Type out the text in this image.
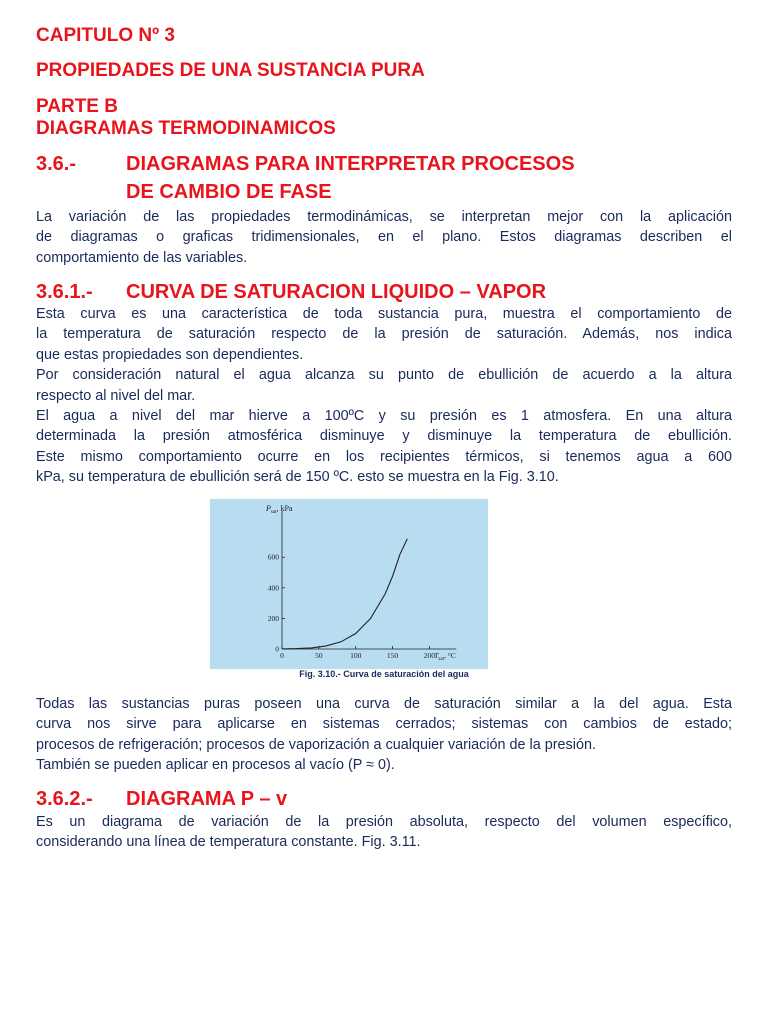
CAPITULO Nº 3
PROPIEDADES DE UNA SUSTANCIA PURA
PARTE B
DIAGRAMAS TERMODINAMICOS
3.6.- DIAGRAMAS PARA INTERPRETAR PROCESOS
DE CAMBIO DE FASE

La variación de las propiedades termodinámicas, se interpretan mejor con la aplicación

de diagramas o graficas tridimensionales, en el plano. Estos diagramas describen el

comportamiento de las variables.

3.6.1.- CURVA DE SATURACION LIQUIDO – VAPOR

Esta curva es una característica de toda sustancia pura, muestra el comportamiento de

la temperatura de saturación respecto de la presión de saturación. Además, nos indica

que estas propiedades son dependientes.

Por consideración natural el agua alcanza su punto de ebullición de acuerdo a la altura

respecto al nivel del mar.

El agua a nivel del mar hierve a 100ºC y su presión es 1 atmosfera. En una altura

determinada la presión atmosférica disminuye y disminuye la temperatura de ebullición.

Este mismo comportamiento ocurre en los recipientes térmicos, si tenemos agua a 600

kPa, su temperatura de ebullición será de 150 ºC. esto se muestra en la Fig. 3.10.

Todas las sustancias puras poseen una curva de saturación similar a la del agua. Esta

curva nos sirve para aplicarse en sistemas cerrados; sistemas con cambios de estado;

procesos de refrigeración; procesos de vaporización a cualquier variación de la presión.

También se pueden aplicar en procesos al vacío (P ≈ 0).

3.6.2.- DIAGRAMA P – v

Es un diagrama de variación de la presión absoluta, respecto del volumen específico,

considerando una línea de temperatura constante. Fig. 3.11.

0	50	100	150	200
0
200
400
600
$P_{sat}$, kPa
$T_{sat}$, °C
Fig. 3.10.- Curva de saturación del agua
